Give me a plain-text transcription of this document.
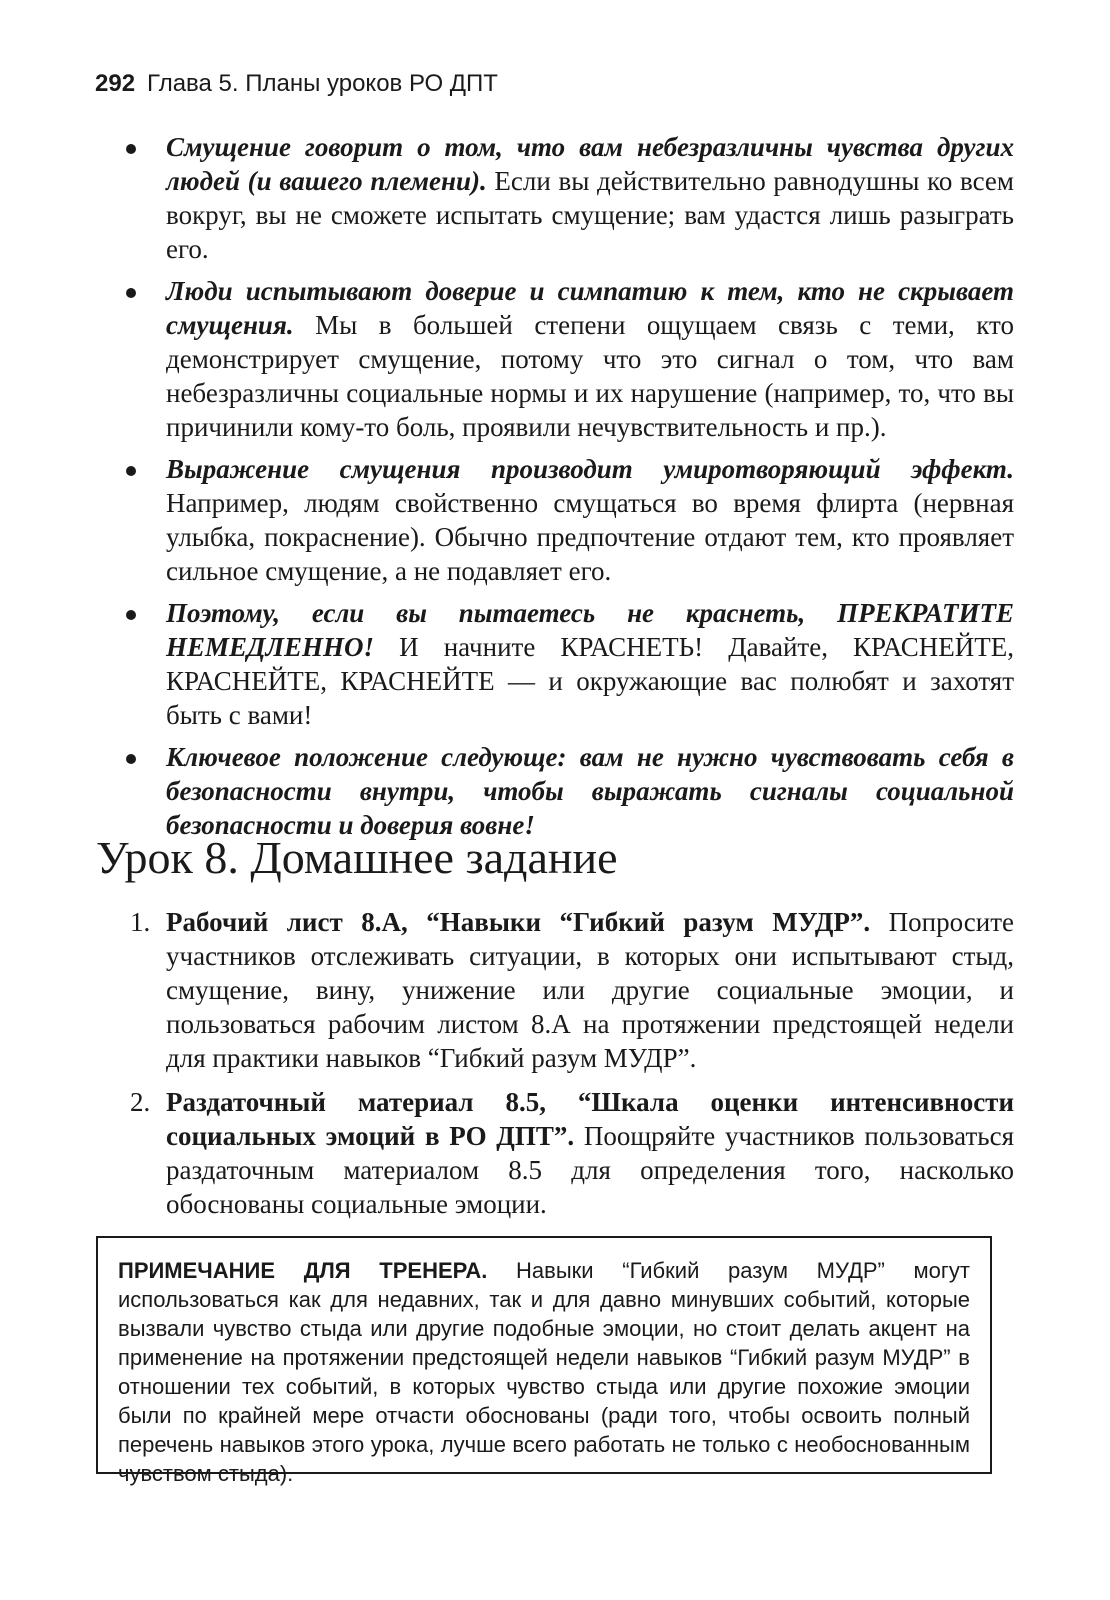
292 Глава 5. Планы уроков РО ДПТ
Смущение говорит о том, что вам небезразличны чувства других людей (и вашего племени). Если вы действительно равнодушны ко всем вокруг, вы не сможете испытать смущение; вам удастся лишь разыграть его.
Люди испытывают доверие и симпатию к тем, кто не скрывает смущения. Мы в большей степени ощущаем связь с теми, кто демонстрирует смущение, потому что это сигнал о том, что вам небезразличны социальные нормы и их нарушение (например, то, что вы причинили кому-то боль, проявили нечувствительность и пр.).
Выражение смущения производит умиротворяющий эффект. Например, людям свойственно смущаться во время флирта (нервная улыбка, покраснение). Обычно предпочтение отдают тем, кто проявляет сильное смущение, а не подавляет его.
Поэтому, если вы пытаетесь не краснеть, ПРЕКРАТИТЕ НЕМЕДЛЕННО! И начните КРАСНЕТЬ! Давайте, КРАСНЕЙТЕ, КРАСНЕЙТЕ, КРАСНЕЙТЕ — и окружающие вас полюбят и захотят быть с вами!
Ключевое положение следующе: вам не нужно чувствовать себя в безопасности внутри, чтобы выражать сигналы социальной безопасности и доверия вовне!
Урок 8. Домашнее задание
1. Рабочий лист 8.А, “Навыки “Гибкий разум МУДР”. Попросите участников отслеживать ситуации, в которых они испытывают стыд, смущение, вину, унижение или другие социальные эмоции, и пользоваться рабочим листом 8.А на протяжении предстоящей недели для практики навыков “Гибкий разум МУДР”.
2. Раздаточный материал 8.5, “Шкала оценки интенсивности социальных эмоций в РО ДПТ”. Поощряйте участников пользоваться раздаточным материалом 8.5 для определения того, насколько обоснованы социальные эмоции.
ПРИМЕЧАНИЕ ДЛЯ ТРЕНЕРА. Навыки “Гибкий разум МУДР” могут использоваться как для недавних, так и для давно минувших событий, которые вызвали чувство стыда или другие подобные эмоции, но стоит делать акцент на применение на протяжении предстоящей недели навыков “Гибкий разум МУДР” в отношении тех событий, в которых чувство стыда или другие похожие эмоции были по крайней мере отчасти обоснованы (ради того, чтобы освоить полный перечень навыков этого урока, лучше всего работать не только с необоснованным чувством стыда).
